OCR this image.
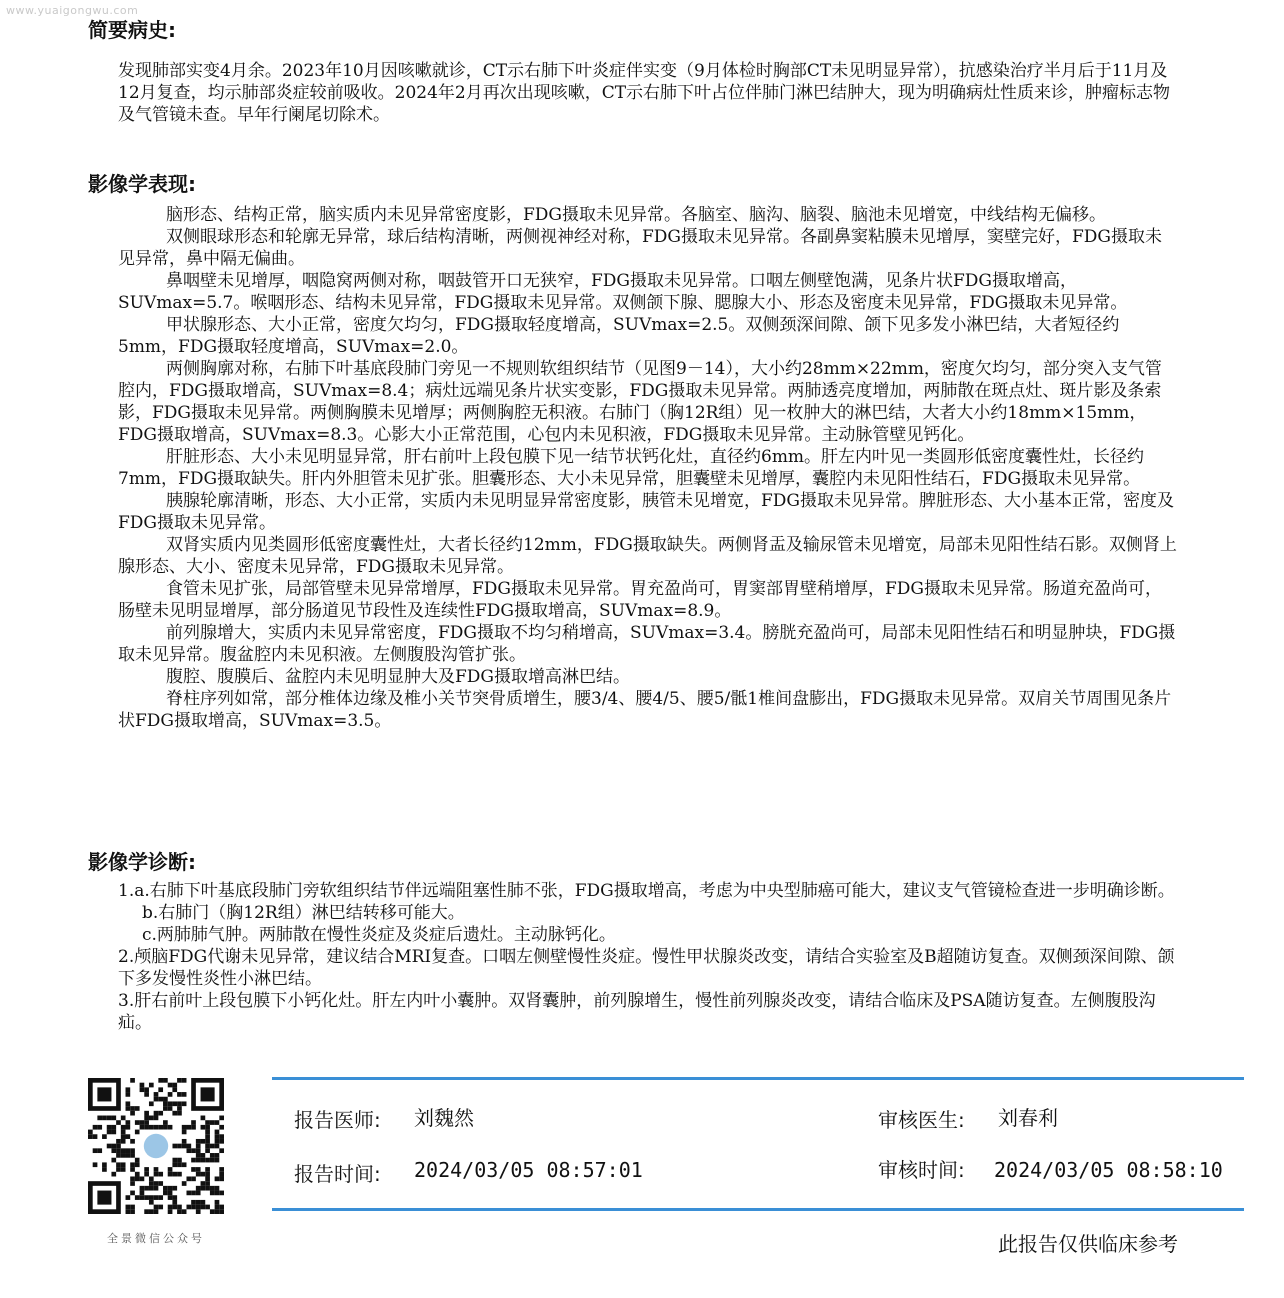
www.yuaigongwu.com
简要病史:

发现肺部实变4月余。2023年10月因咳嗽就诊，CT示右肺下叶炎症伴实变（9月体检时胸部CT未见明显异常），抗感染治疗半月后于11月及12月复查，均示肺部炎症较前吸收。2024年2月再次出现咳嗽，CT示右肺下叶占位伴肺门淋巴结肿大，现为明确病灶性质来诊，肿瘤标志物及气管镜未查。早年行阑尾切除术。

影像学表现:

脑形态、结构正常，脑实质内未见异常密度影，FDG摄取未见异常。各脑室、脑沟、脑裂、脑池未见增宽，中线结构无偏移。

双侧眼球形态和轮廓无异常，球后结构清晰，两侧视神经对称，FDG摄取未见异常。各副鼻窦粘膜未见增厚，窦壁完好，FDG摄取未见异常，鼻中隔无偏曲。

鼻咽壁未见增厚，咽隐窝两侧对称，咽鼓管开口无狭窄，FDG摄取未见异常。口咽左侧壁饱满，见条片状FDG摄取增高，SUVmax=5.7。喉咽形态、结构未见异常，FDG摄取未见异常。双侧颌下腺、腮腺大小、形态及密度未见异常，FDG摄取未见异常。

甲状腺形态、大小正常，密度欠均匀，FDG摄取轻度增高，SUVmax=2.5。双侧颈深间隙、颌下见多发小淋巴结，大者短径约5mm，FDG摄取轻度增高，SUVmax=2.0。

两侧胸廓对称，右肺下叶基底段肺门旁见一不规则软组织结节（见图9－14），大小约28mm×22mm，密度欠均匀，部分突入支气管腔内，FDG摄取增高，SUVmax=8.4；病灶远端见条片状实变影，FDG摄取未见异常。两肺透亮度增加，两肺散在斑点灶、斑片影及条索影，FDG摄取未见异常。两侧胸膜未见增厚；两侧胸腔无积液。右肺门（胸12R组）见一枚肿大的淋巴结，大者大小约18mm×15mm，FDG摄取增高，SUVmax=8.3。心影大小正常范围，心包内未见积液，FDG摄取未见异常。主动脉管壁见钙化。

肝脏形态、大小未见明显异常，肝右前叶上段包膜下见一结节状钙化灶，直径约6mm。肝左内叶见一类圆形低密度囊性灶，长径约7mm，FDG摄取缺失。肝内外胆管未见扩张。胆囊形态、大小未见异常，胆囊壁未见增厚，囊腔内未见阳性结石，FDG摄取未见异常。

胰腺轮廓清晰，形态、大小正常，实质内未见明显异常密度影，胰管未见增宽，FDG摄取未见异常。脾脏形态、大小基本正常，密度及FDG摄取未见异常。

双肾实质内见类圆形低密度囊性灶，大者长径约12mm，FDG摄取缺失。两侧肾盂及输尿管未见增宽，局部未见阳性结石影。双侧肾上腺形态、大小、密度未见异常，FDG摄取未见异常。

食管未见扩张，局部管壁未见异常增厚，FDG摄取未见异常。胃充盈尚可，胃窦部胃壁稍增厚，FDG摄取未见异常。肠道充盈尚可，肠壁未见明显增厚，部分肠道见节段性及连续性FDG摄取增高，SUVmax=8.9。

前列腺增大，实质内未见异常密度，FDG摄取不均匀稍增高，SUVmax=3.4。膀胱充盈尚可，局部未见阳性结石和明显肿块，FDG摄取未见异常。腹盆腔内未见积液。左侧腹股沟管扩张。

腹腔、腹膜后、盆腔内未见明显肿大及FDG摄取增高淋巴结。

脊柱序列如常，部分椎体边缘及椎小关节突骨质增生，腰3/4、腰4/5、腰5/骶1椎间盘膨出，FDG摄取未见异常。双肩关节周围见条片状FDG摄取增高，SUVmax=3.5。

影像学诊断:

1.a.右肺下叶基底段肺门旁软组织结节伴远端阻塞性肺不张，FDG摄取增高，考虑为中央型肺癌可能大，建议支气管镜检查进一步明确诊断。

b.右肺门（胸12R组）淋巴结转移可能大。

c.两肺肺气肿。两肺散在慢性炎症及炎症后遗灶。主动脉钙化。

2.颅脑FDG代谢未见异常，建议结合MRI复查。口咽左侧壁慢性炎症。慢性甲状腺炎改变，请结合实验室及B超随访复查。双侧颈深间隙、颌下多发慢性炎性小淋巴结。

3.肝右前叶上段包膜下小钙化灶。肝左内叶小囊肿。双肾囊肿，前列腺增生，慢性前列腺炎改变，请结合临床及PSA随访复查。左侧腹股沟疝。

全景微信公众号
报告医师: 刘魏然	审核医生: 刘春利
报告时间: 2024/03/05 08:57:01	审核时间: 2024/03/05 08:58:10
此报告仅供临床参考
